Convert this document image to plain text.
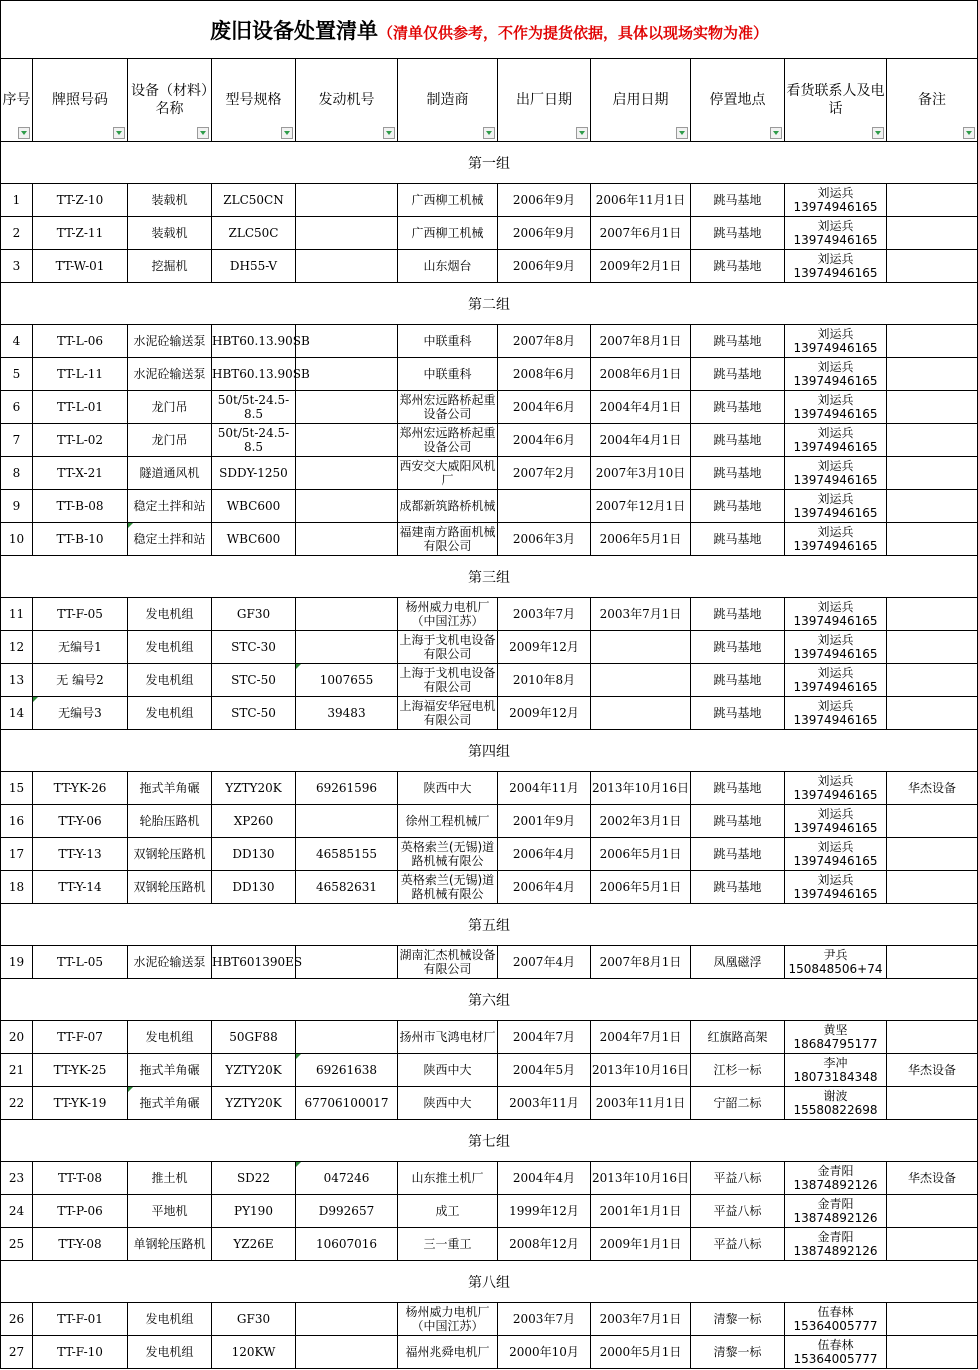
废旧设备处置清单（清单仅供参考，不作为提货依据，具体以现场实物为准）										
序号	牌照号码	设备（材料）名称	型号规格	发动机号	制造商	出厂日期	启用日期	停置地点	看货联系人及电话	备注

第一组										
1	TT-Z-10	装载机	ZLC50CN		广西柳工机械	2006年9月	2006年11月1日	跳马基地	刘运兵
13974946165	

2	TT-Z-11	装载机	ZLC50C		广西柳工机械	2006年9月	2007年6月1日	跳马基地	刘运兵
13974946165	

3	TT-W-01	挖掘机	DH55-V		山东烟台	2006年9月	2009年2月1日	跳马基地	刘运兵
13974946165	

第二组										
4	TT-L-06	水泥砼输送泵	HBT60.13.90SB		中联重科	2007年8月	2007年8月1日	跳马基地	刘运兵
13974946165	

5	TT-L-11	水泥砼输送泵	HBT60.13.90SB		中联重科	2008年6月	2008年6月1日	跳马基地	刘运兵
13974946165	

6	TT-L-01	龙门吊	50t/5t-24.5-8.5		郑州宏远路桥起重设备公司	2004年6月	2004年4月1日	跳马基地	刘运兵
13974946165	

7	TT-L-02	龙门吊	50t/5t-24.5-8.5		郑州宏远路桥起重设备公司	2004年6月	2004年4月1日	跳马基地	刘运兵
13974946165	

8	TT-X-21	隧道通风机	SDDY-1250		西安交大威阳风机厂	2007年2月	2007年3月10日	跳马基地	刘运兵
13974946165	

9	TT-B-08	稳定土拌和站	WBC600		成都新筑路桥机械		2007年12月1日	跳马基地	刘运兵
13974946165	

10	TT-B-10	稳定土拌和站	WBC600		福建南方路面机械有限公司	2006年3月	2006年5月1日	跳马基地	刘运兵
13974946165	

第三组										
11	TT-F-05	发电机组	GF30		杨州威力电机厂（中国江苏）	2003年7月	2003年7月1日	跳马基地	刘运兵
13974946165	

12	无编号1	发电机组	STC-30		上海于戈机电设备有限公司	2009年12月		跳马基地	刘运兵
13974946165	

13	无 编号2	发电机组	STC-50	1007655	上海于戈机电设备有限公司	2010年8月		跳马基地	刘运兵
13974946165	

14	无编号3	发电机组	STC-50	39483	上海福安华冠电机有限公司	2009年12月		跳马基地	刘运兵
13974946165	

第四组										
15	TT-YK-26	拖式羊角碾	YZTY20K	69261596	陕西中大	2004年11月	2013年10月16日	跳马基地	刘运兵
13974946165	华杰设备
16	TT-Y-06	轮胎压路机	XP260		徐州工程机械厂	2001年9月	2002年3月1日	跳马基地	刘运兵
13974946165	

17	TT-Y-13	双钢轮压路机	DD130	46585155	英格索兰(无锡)道路机械有限公	2006年4月	2006年5月1日	跳马基地	刘运兵
13974946165	

18	TT-Y-14	双钢轮压路机	DD130	46582631	英格索兰(无锡)道路机械有限公	2006年4月	2006年5月1日	跳马基地	刘运兵
13974946165	

第五组										
19	TT-L-05	水泥砼输送泵	HBT601390ES		湖南汇杰机械设备有限公司	2007年4月	2007年8月1日	凤凰磁浮	尹兵
150848506+74	

第六组										
20	TT-F-07	发电机组	50GF88		扬州市飞鸿电材厂	2004年7月	2004年7月1日	红旗路高架	黄坚
18684795177	

21	TT-YK-25	拖式羊角碾	YZTY20K	69261638	陕西中大	2004年5月	2013年10月16日	江杉一标	李冲
18073184348	华杰设备
22	TT-YK-19	拖式羊角碾	YZTY20K	67706100017	陕西中大	2003年11月	2003年11月1日	宁韶二标	谢波
15580822698	

第七组										
23	TT-T-08	推土机	SD22	047246	山东推土机厂	2004年4月	2013年10月16日	平益八标	金青阳
13874892126	华杰设备
24	TT-P-06	平地机	PY190	D992657	成工	1999年12月	2001年1月1日	平益八标	金青阳
13874892126	

25	TT-Y-08	单钢轮压路机	YZ26E	10607016	三一重工	2008年12月	2009年1月1日	平益八标	金青阳
13874892126	

第八组										
26	TT-F-01	发电机组	GF30		杨州威力电机厂（中国江苏）	2003年7月	2003年7月1日	清黎一标	伍春林
15364005777	

27	TT-F-10	发电机组	120KW		福州兆舜电机厂	2000年10月	2000年5月1日	清黎一标	伍春林
15364005777	
